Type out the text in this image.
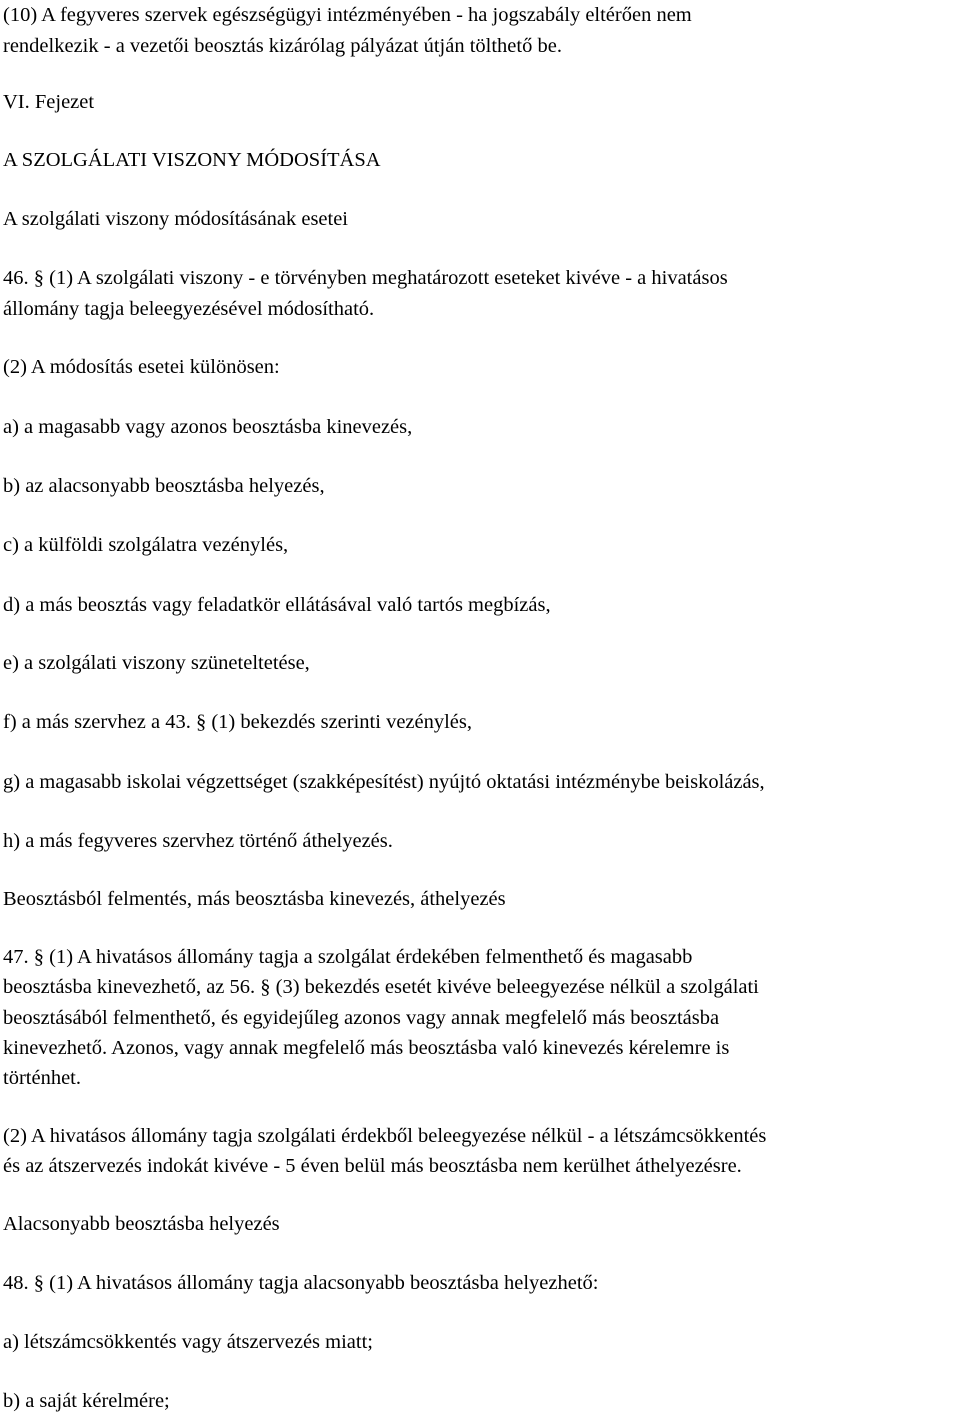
(10) A fegyveres szervek egészségügyi intézményében - ha jogszabály eltérően nem
rendelkezik - a vezetői beosztás kizárólag pályázat útján tölthető be.
VI. Fejezet
A SZOLGÁLATI VISZONY MÓDOSÍTÁSA
A szolgálati viszony módosításának esetei
46. § (1) A szolgálati viszony - e törvényben meghatározott eseteket kivéve - a hivatásos
állomány tagja beleegyezésével módosítható.
(2) A módosítás esetei különösen:
a) a magasabb vagy azonos beosztásba kinevezés,
b) az alacsonyabb beosztásba helyezés,
c) a külföldi szolgálatra vezénylés,
d) a más beosztás vagy feladatkör ellátásával való tartós megbízás,
e) a szolgálati viszony szüneteltetése,
f) a más szervhez a 43. § (1) bekezdés szerinti vezénylés,
g) a magasabb iskolai végzettséget (szakképesítést) nyújtó oktatási intézménybe beiskolázás,
h) a más fegyveres szervhez történő áthelyezés.
Beosztásból felmentés, más beosztásba kinevezés, áthelyezés
47. § (1) A hivatásos állomány tagja a szolgálat érdekében felmenthető és magasabb
beosztásba kinevezhető, az 56. § (3) bekezdés esetét kivéve beleegyezése nélkül a szolgálati
beosztásából felmenthető, és egyidejűleg azonos vagy annak megfelelő más beosztásba
kinevezhető. Azonos, vagy annak megfelelő más beosztásba való kinevezés kérelemre is
történhet.
(2) A hivatásos állomány tagja szolgálati érdekből beleegyezése nélkül - a létszámcsökkentés
és az átszervezés indokát kivéve - 5 éven belül más beosztásba nem kerülhet áthelyezésre.
Alacsonyabb beosztásba helyezés
48. § (1) A hivatásos állomány tagja alacsonyabb beosztásba helyezhető:
a) létszámcsökkentés vagy átszervezés miatt;
b) a saját kérelmére;
